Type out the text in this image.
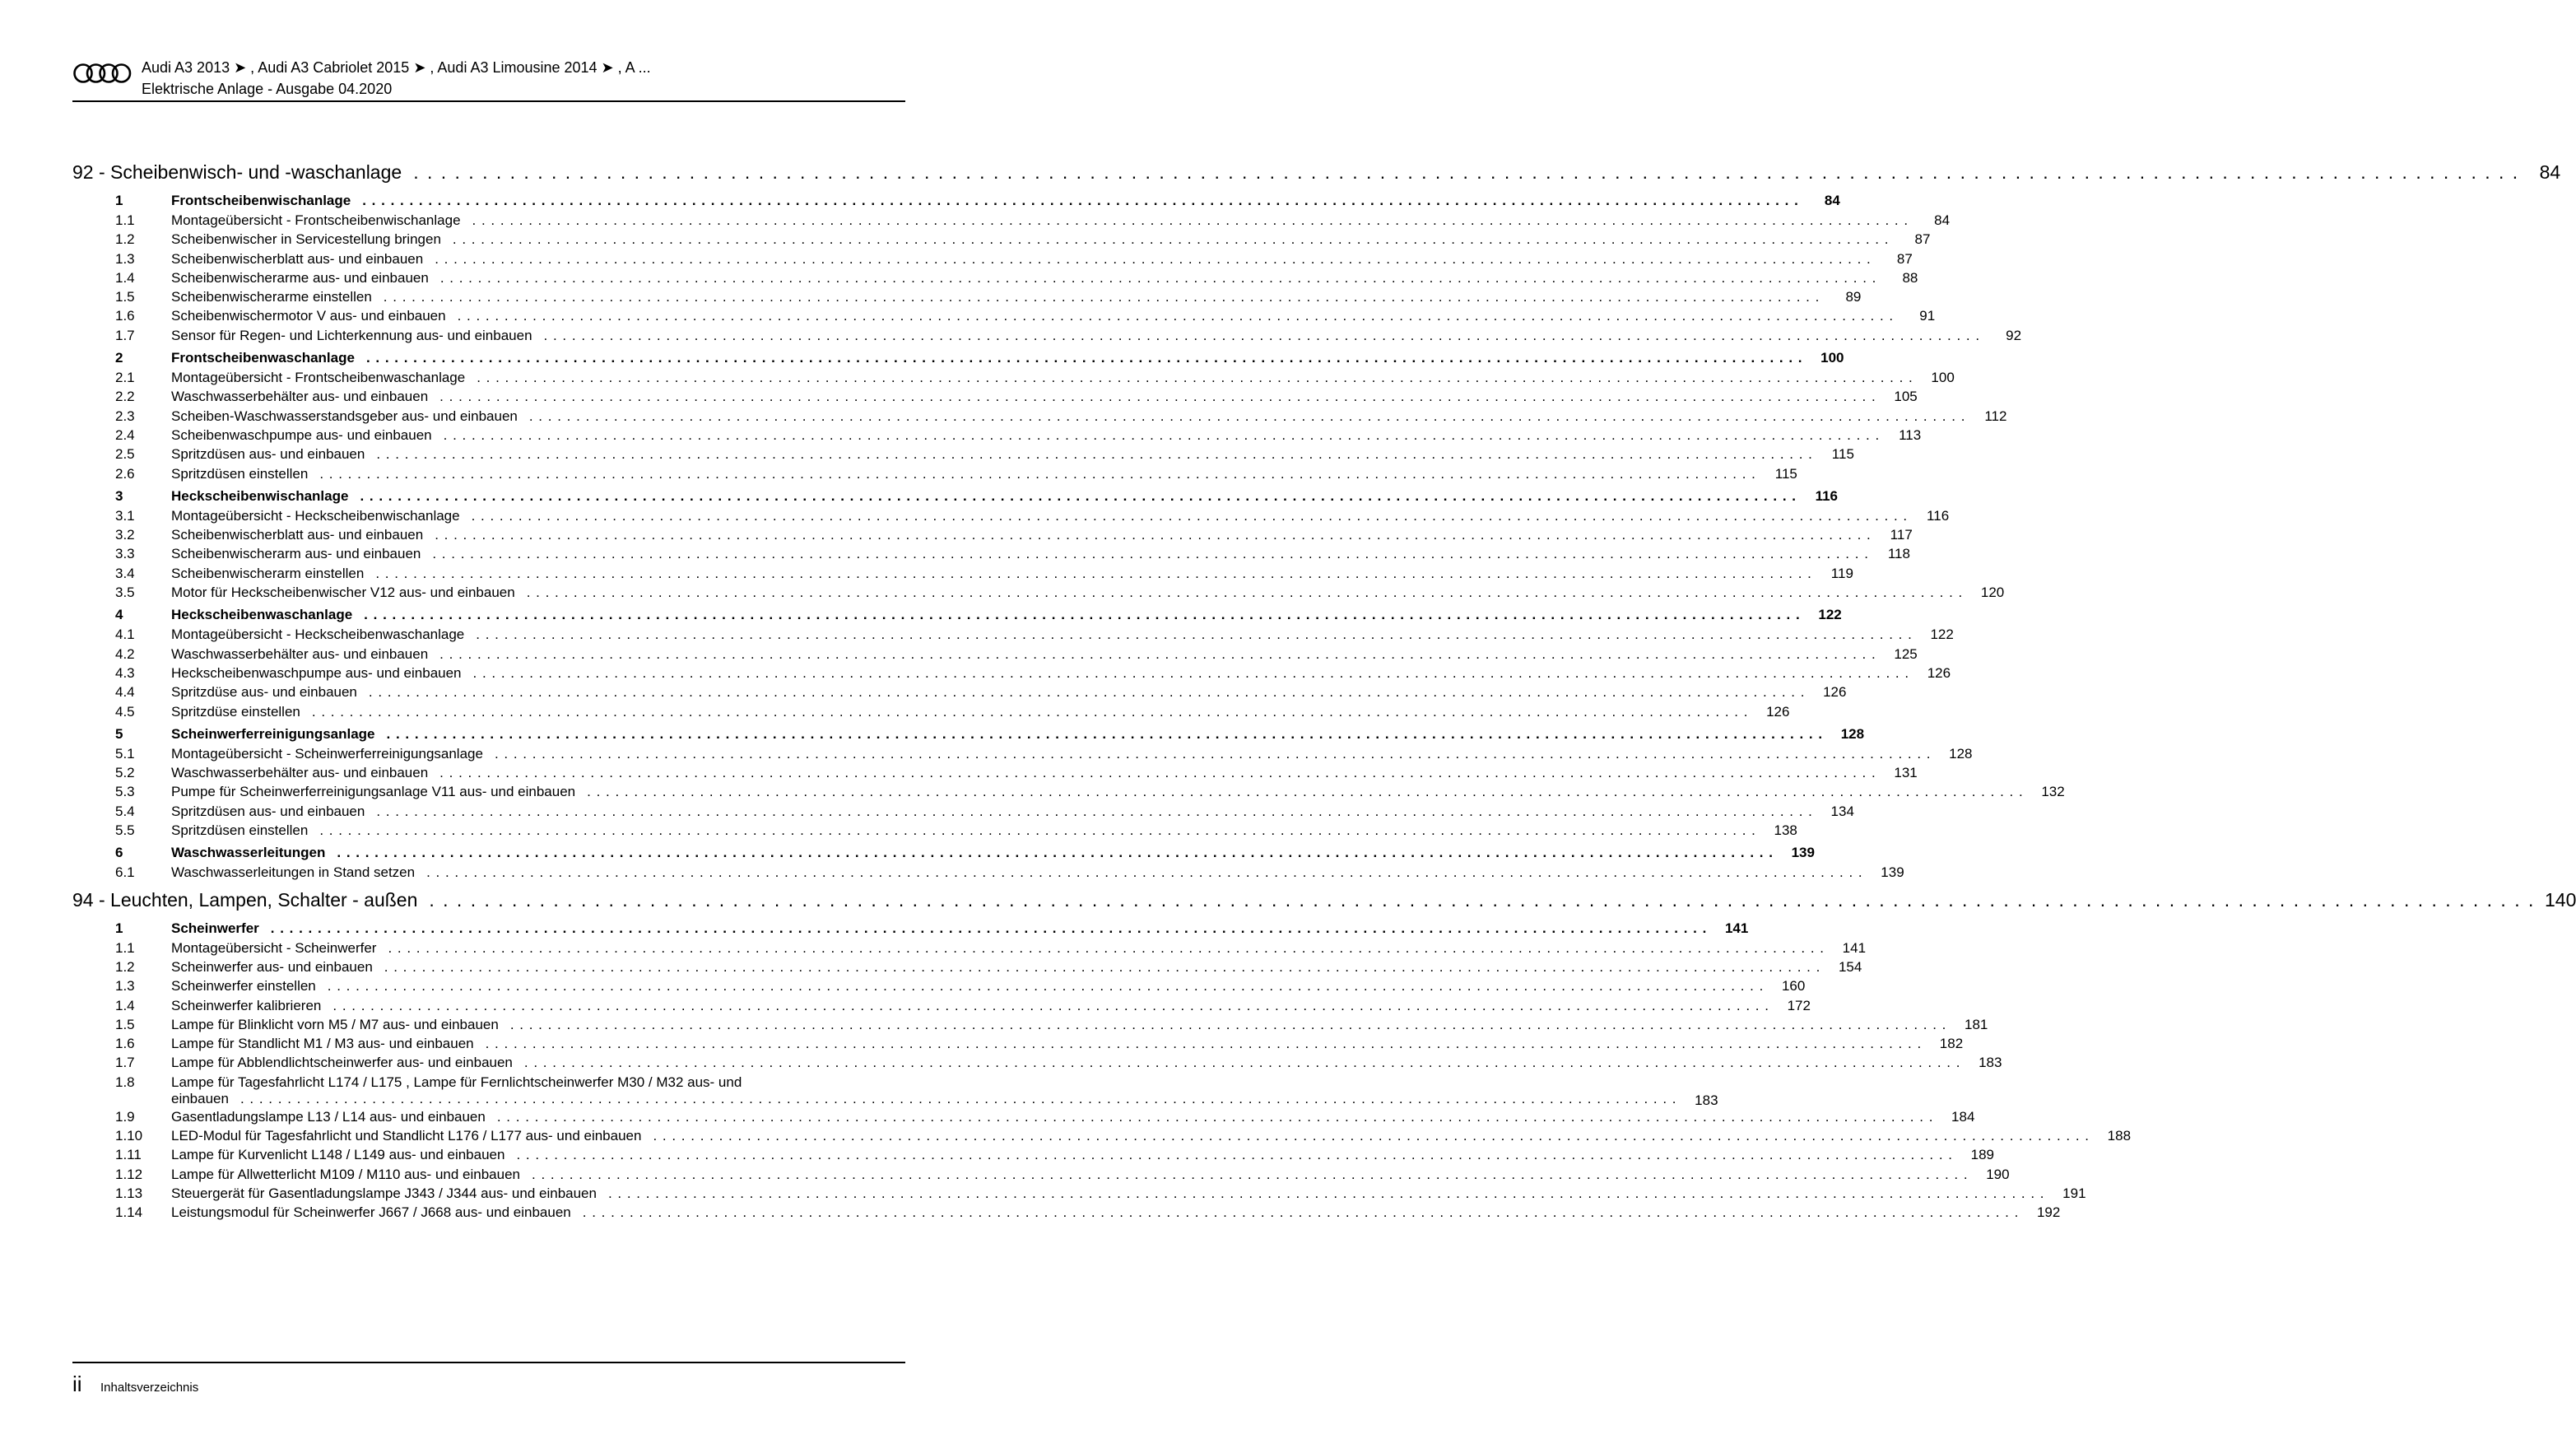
Audi A3 2013 ➤ , Audi A3 Cabriolet 2015 ➤ , Audi A3 Limousine 2014 ➤ , A ...
Elektrische Anlage - Ausgabe 04.2020
92 - Scheibenwisch- und -waschanlage . . .	84
1	Frontscheibenwischanlage . . .	84
1.1	Montageübersicht - Frontscheibenwischanlage . . .	84
1.2	Scheibenwischer in Servicestellung bringen . . .	87
1.3	Scheibenwischerblatt aus- und einbauen . . .	87
1.4	Scheibenwischerarme aus- und einbauen . . .	88
1.5	Scheibenwischerarme einstellen . . .	89
1.6	Scheibenwischermotor V aus- und einbauen . . .	91
1.7	Sensor für Regen- und Lichterkennung aus- und einbauen . . .	92
2	Frontscheibenwaschanlage . . .	100
2.1	Montageübersicht - Frontscheibenwaschanlage . . .	100
2.2	Waschwasserbehälter aus- und einbauen . . .	105
2.3	Scheiben-Waschwasserstandsgeber aus- und einbauen . . .	112
2.4	Scheibenwaschpumpe aus- und einbauen . . .	113
2.5	Spritzdüsen aus- und einbauen . . .	115
2.6	Spritzdüsen einstellen . . .	115
3	Heckscheibenwischanlage . . .	116
3.1	Montageübersicht - Heckscheibenwischanlage . . .	116
3.2	Scheibenwischerblatt aus- und einbauen . . .	117
3.3	Scheibenwischerarm aus- und einbauen . . .	118
3.4	Scheibenwischerarm einstellen . . .	119
3.5	Motor für Heckscheibenwischer V12 aus- und einbauen . . .	120
4	Heckscheibenwaschanlage . . .	122
4.1	Montageübersicht - Heckscheibenwaschanlage . . .	122
4.2	Waschwasserbehälter aus- und einbauen . . .	125
4.3	Heckscheibenwaschpumpe aus- und einbauen . . .	126
4.4	Spritzdüse aus- und einbauen . . .	126
4.5	Spritzdüse einstellen . . .	126
5	Scheinwerferreinigungsanlage . . .	128
5.1	Montageübersicht - Scheinwerferreinigungsanlage . . .	128
5.2	Waschwasserbehälter aus- und einbauen . . .	131
5.3	Pumpe für Scheinwerferreinigungsanlage V11 aus- und einbauen . . .	132
5.4	Spritzdüsen aus- und einbauen . . .	134
5.5	Spritzdüsen einstellen . . .	138
6	Waschwasserleitungen . . .	139
6.1	Waschwasserleitungen in Stand setzen . . .	139
94 - Leuchten, Lampen, Schalter - außen . . .	140
1	Scheinwerfer . . .	141
1.1	Montageübersicht - Scheinwerfer . . .	141
1.2	Scheinwerfer aus- und einbauen . . .	154
1.3	Scheinwerfer einstellen . . .	160
1.4	Scheinwerfer kalibrieren . . .	172
1.5	Lampe für Blinklicht vorn M5 / M7 aus- und einbauen . . .	181
1.6	Lampe für Standlicht M1 / M3 aus- und einbauen . . .	182
1.7	Lampe für Abblendlichtscheinwerfer aus- und einbauen . . .	183
1.8	Lampe für Tagesfahrlicht L174 / L175 , Lampe für Fernlichtscheinwerfer M30 / M32 aus- und
einbauen . . .	183
1.9	Gasentladungslampe L13 / L14 aus- und einbauen . . .	184
1.10	LED-Modul für Tagesfahrlicht und Standlicht L176 / L177 aus- und einbauen . . .	188
1.11	Lampe für Kurvenlicht L148 / L149 aus- und einbauen . . .	189
1.12	Lampe für Allwetterlicht M109 / M110 aus- und einbauen . . .	190
1.13	Steuergerät für Gasentladungslampe J343 / J344 aus- und einbauen . . .	191
1.14	Leistungsmodul für Scheinwerfer J667 / J668 aus- und einbauen . . .	192
ii Inhaltsverzeichnis
